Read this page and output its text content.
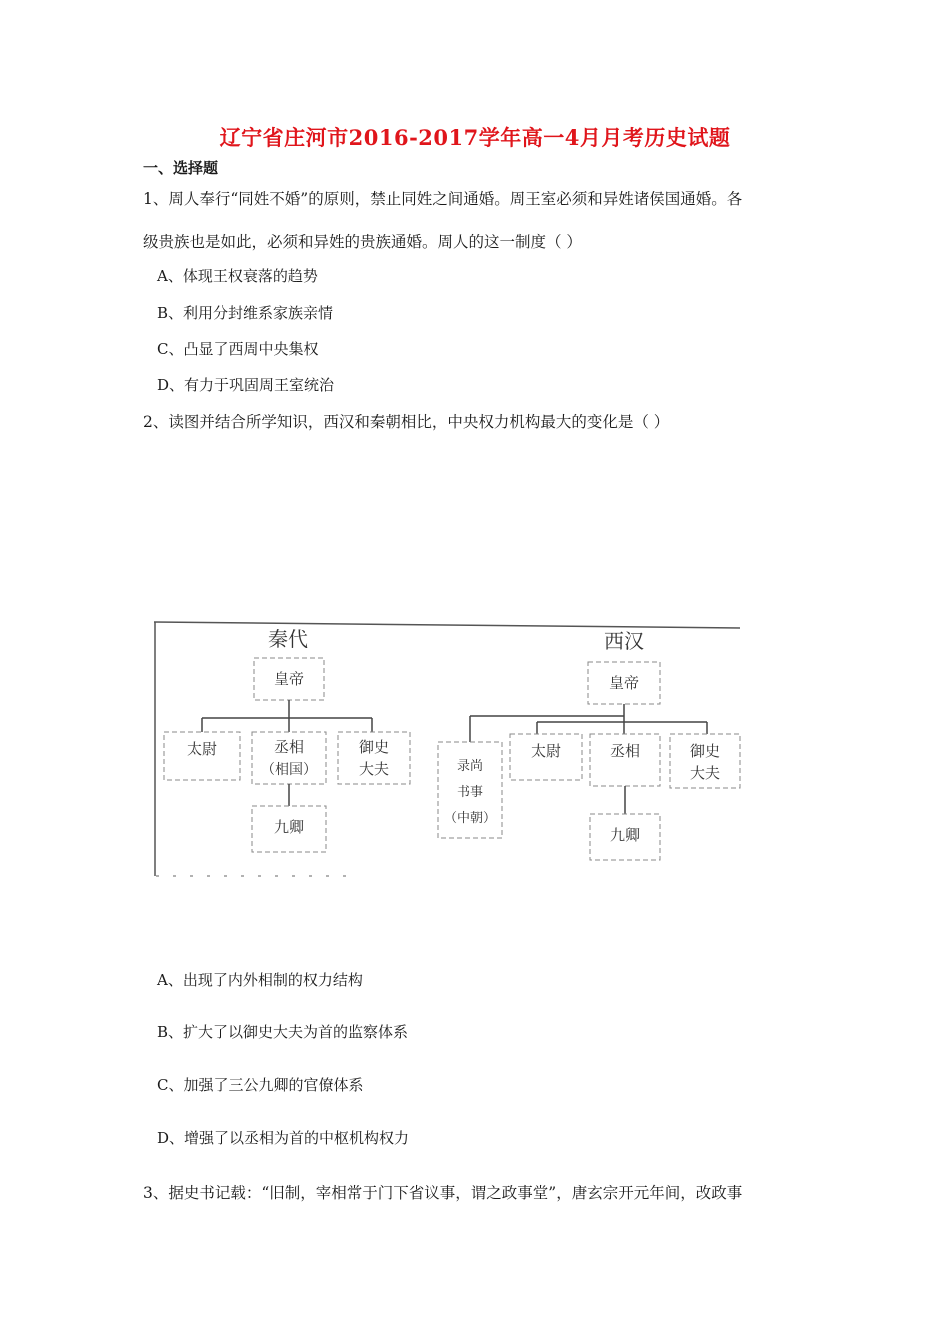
辽宁省庄河市2016-2017学年高一4月月考历史试题
一、选择题
1、周人奉行“同姓不婚”的原则，禁止同姓之间通婚。周王室必须和异姓诸侯国通婚。各
级贵族也是如此，必须和异姓的贵族通婚。周人的这一制度（ ）
A、体现王权衰落的趋势
B、利用分封维系家族亲情
C、凸显了西周中央集权
D、有力于巩固周王室统治
2、读图并结合所学知识，西汉和秦朝相比，中央权力机构最大的变化是（ ）
秦代
皇帝
太尉	丞相
（相国）
御史
大夫
九卿
西汉
皇帝
录尚
书事
（中朝）
太尉	丞相	御史
大夫
九卿
A、出现了内外相制的权力结构
B、扩大了以御史大夫为首的监察体系
C、加强了三公九卿的官僚体系
D、增强了以丞相为首的中枢机构权力
3、据史书记载：“旧制，宰相常于门下省议事，谓之政事堂”，唐玄宗开元年间，改政事
